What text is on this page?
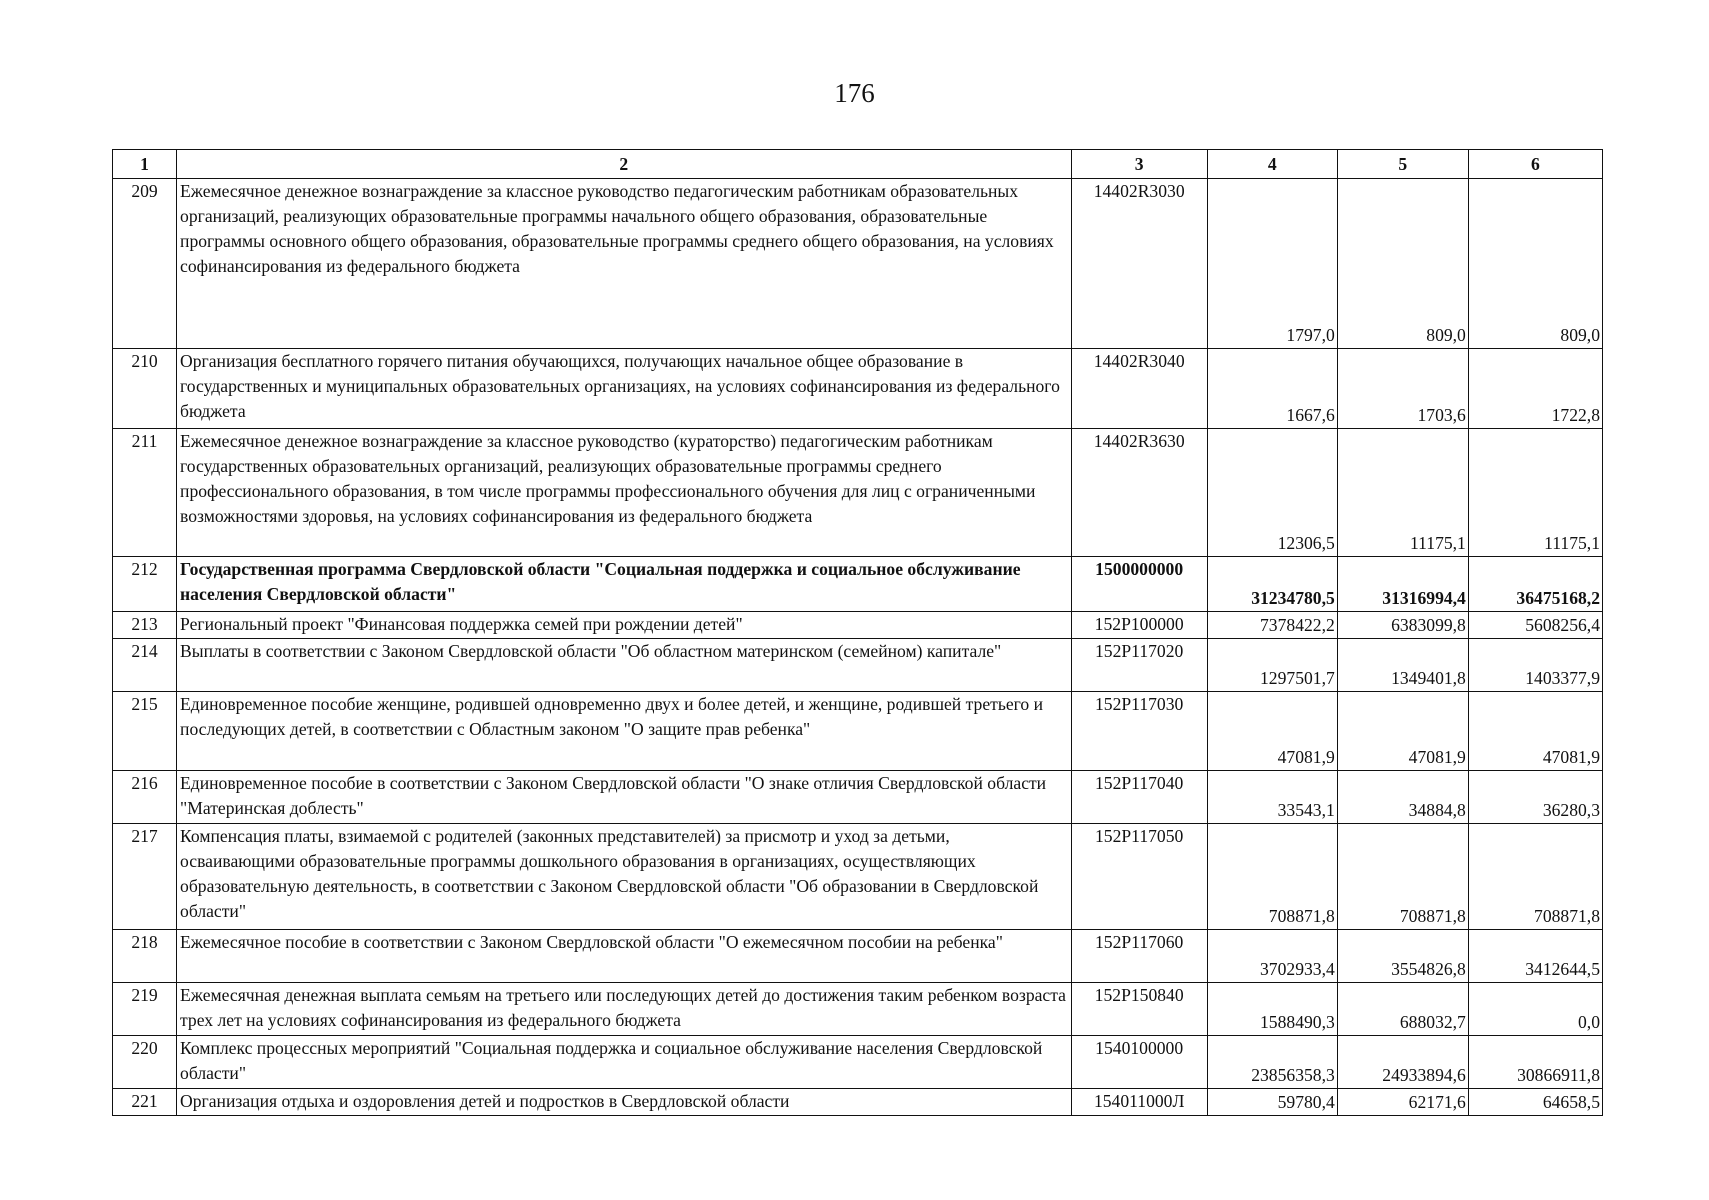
176
1	2	3	4	5	6
209	Ежемесячное денежное вознаграждение за классное руководство педагогическим работникам образовательных организаций, реализующих образовательные программы начального общего образования, образовательные программы основного общего образования, образовательные программы среднего общего образования, на условиях софинансирования из федерального бюджета	14402R3030	1797,0	809,0	809,0
210	Организация бесплатного горячего питания обучающихся, получающих начальное общее образование в государственных и муниципальных образовательных организациях, на условиях софинансирования из федерального бюджета	14402R3040	1667,6	1703,6	1722,8
211	Ежемесячное денежное вознаграждение за классное руководство (кураторство) педагогическим работникам государственных образовательных организаций, реализующих образовательные программы среднего профессионального образования, в том числе программы профессионального обучения для лиц с ограниченными возможностями здоровья, на условиях софинансирования из федерального бюджета	14402R3630	12306,5	11175,1	11175,1
212	Государственная программа Свердловской области "Социальная поддержка и социальное обслуживание населения Свердловской области"	1500000000	31234780,5	31316994,4	36475168,2
213	Региональный проект "Финансовая поддержка семей при рождении детей"	152P100000	7378422,2	6383099,8	5608256,4
214	Выплаты в соответствии с Законом Свердловской области "Об областном материнском (семейном) капитале"	152P117020	1297501,7	1349401,8	1403377,9
215	Единовременное пособие женщине, родившей одновременно двух и более детей, и женщине, родившей третьего и последующих детей, в соответствии с Областным законом "О защите прав ребенка"	152P117030	47081,9	47081,9	47081,9
216	Единовременное пособие в соответствии с Законом Свердловской области "О знаке отличия Свердловской области "Материнская доблесть"	152P117040	33543,1	34884,8	36280,3
217	Компенсация платы, взимаемой с родителей (законных представителей) за присмотр и уход за детьми, осваивающими образовательные программы дошкольного образования в организациях, осуществляющих образовательную деятельность, в соответствии с Законом Свердловской области "Об образовании в Свердловской области"	152P117050	708871,8	708871,8	708871,8
218	Ежемесячное пособие в соответствии с Законом Свердловской области "О ежемесячном пособии на ребенка"	152P117060	3702933,4	3554826,8	3412644,5
219	Ежемесячная денежная выплата семьям на третьего или последующих детей до достижения таким ребенком возраста трех лет на условиях софинансирования из федерального бюджета	152P150840	1588490,3	688032,7	0,0
220	Комплекс процессных мероприятий "Социальная поддержка и социальное обслуживание населения Свердловской области"	1540100000	23856358,3	24933894,6	30866911,8
221	Организация отдыха и оздоровления детей и подростков в Свердловской области	154011000Л	59780,4	62171,6	64658,5
